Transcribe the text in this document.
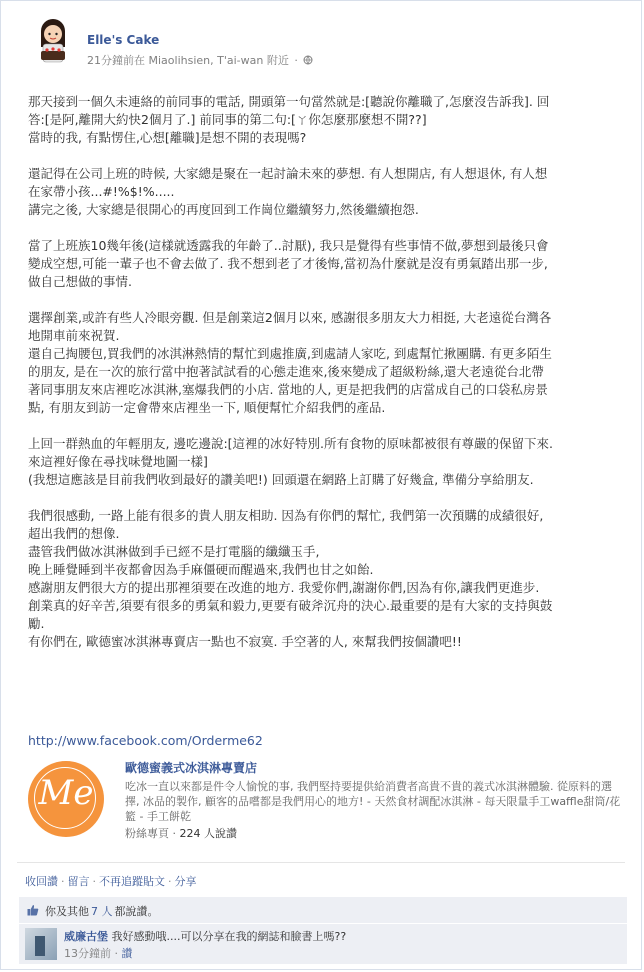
Elle's Cake
21分鐘前在 Miaolihsien, T'ai-wan 附近 ·

那天接到一個久未連絡的前同事的電話, 開頭第一句當然就是:[聽說你離職了,怎麼沒告訴我]. 回
答:[是阿,離開大約快2個月了.] 前同事的第二句:[ㄚ你怎麼那麼想不開??]
當時的我, 有點愣住,心想[離職]是想不開的表現嗎?

還記得在公司上班的時候, 大家總是聚在一起討論未來的夢想. 有人想開店, 有人想退休, 有人想
在家帶小孩...#!%$!%.....
講完之後, 大家總是很開心的再度回到工作崗位繼續努力,然後繼續抱怨.

當了上班族10幾年後(這樣就透露我的年齡了..討厭), 我只是覺得有些事情不做,夢想到最後只會
變成空想,可能一輩子也不會去做了. 我不想到老了才後悔,當初為什麼就是沒有勇氣踏出那一步,
做自己想做的事情.

選擇創業,或許有些人冷眼旁觀. 但是創業這2個月以來, 感謝很多朋友大力相挺, 大老遠從台灣各
地開車前來祝賀.
還自己掏腰包,買我們的冰淇淋熱情的幫忙到處推廣,到處請人家吃, 到處幫忙揪團購. 有更多陌生
的朋友, 是在一次的旅行當中抱著試試看的心態走進來,後來變成了超級粉絲,還大老遠從台北帶
著同事朋友來店裡吃冰淇淋,塞爆我們的小店. 當地的人, 更是把我們的店當成自己的口袋私房景
點, 有朋友到訪一定會帶來店裡坐一下, 順便幫忙介紹我們的產品.

上回一群熱血的年輕朋友, 邊吃邊說:[這裡的冰好特別.所有食物的原味都被很有尊嚴的保留下來.
來這裡好像在尋找味覺地圖一樣]
(我想這應該是目前我們收到最好的讚美吧!) 回頭還在網路上訂購了好幾盒, 準備分享給朋友.

我們很感動, 一路上能有很多的貴人朋友相助. 因為有你們的幫忙, 我們第一次預購的成績很好,
超出我們的想像.
盡管我們做冰淇淋做到手已經不是打電腦的纖纖玉手,
晚上睡覺睡到半夜都會因為手麻僵硬而醒過來,我們也甘之如飴.
感謝朋友們很大方的提出那裡須要在改進的地方. 我愛你們,謝謝你們,因為有你,讓我們更進步.
創業真的好辛苦,須要有很多的勇氣和毅力,更要有破斧沉舟的決心.最重要的是有大家的支持與鼓
勵.
有你們在, 歐德蜜冰淇淋專賣店一點也不寂寞. 手空著的人, 來幫我們按個讚吧!!

http://www.facebook.com/Orderme62
Me
歐德蜜義式冰淇淋專賣店
吃冰一直以來都是件令人愉悅的事, 我們堅持要提供給消費者高貴不貴的義式冰淇淋體驗. 從原料的選擇, 冰品的製作, 顧客的品嚐都是我們用心的地方! - 天然食材調配冰淇淋 - 每天限量手工waffle甜筒/花籃 - 手工餅乾
粉絲專頁 · 224 人說讚
收回讚 · 留言 · 不再追蹤貼文 · 分享
你及其他 7 人 都說讚。
威廉古堡 我好感動哦....可以分享在我的網誌和臉書上嗎??
13分鐘前 · 讚
